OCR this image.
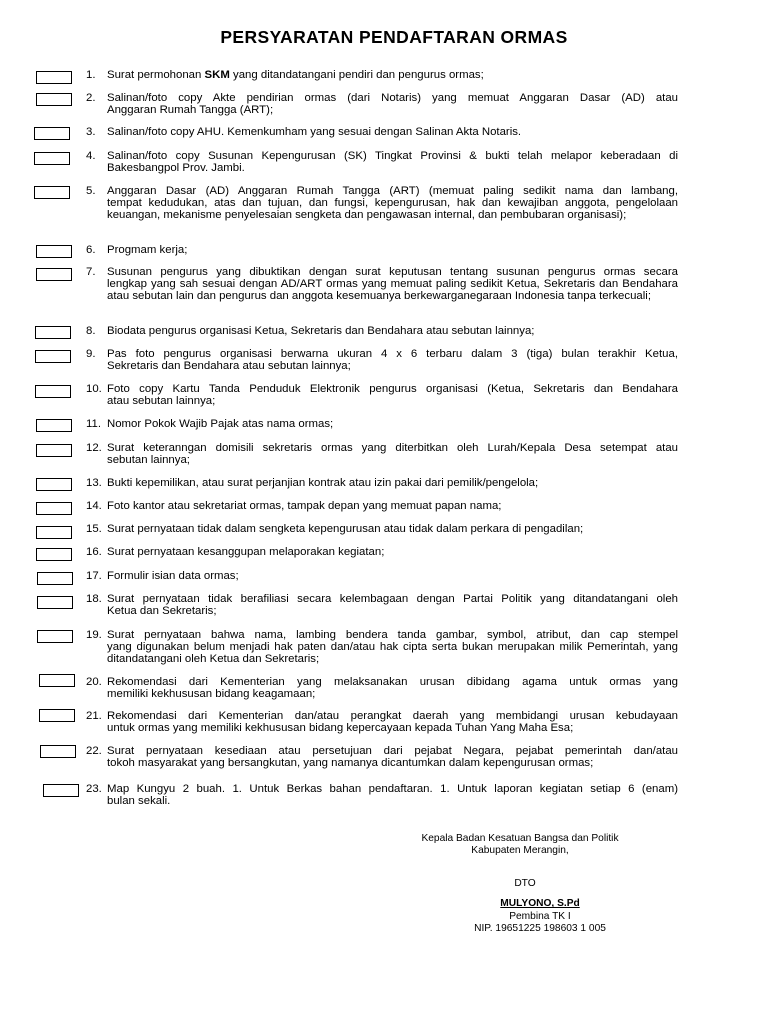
PERSYARATAN PENDAFTARAN ORMAS
1.	Surat permohonan SKM yang ditandatangani pendiri dan pengurus ormas;
2.	Salinan/foto copy Akte pendirian ormas (dari Notaris) yang memuat Anggaran Dasar (AD) atau
Anggaran Rumah Tangga (ART);
3.	Salinan/foto copy AHU. Kemenkumham yang sesuai dengan Salinan Akta Notaris.
4.	Salinan/foto copy Susunan Kepengurusan (SK) Tingkat Provinsi & bukti telah melapor keberadaan di
Bakesbangpol Prov. Jambi.
5.	Anggaran Dasar (AD) Anggaran Rumah Tangga (ART) (memuat paling sedikit nama dan lambang,
tempat kedudukan, atas dan tujuan, dan fungsi, kepengurusan, hak dan kewajiban anggota, pengelolaan keuangan, mekanisme penyelesaian sengketa dan pengawasan internal, dan pembubaran organisasi);
6.	Progmam kerja;
7.	Susunan pengurus yang dibuktikan dengan surat keputusan tentang susunan pengurus ormas secara
lengkap yang sah sesuai dengan AD/ART ormas yang memuat paling sedikit Ketua, Sekretaris dan Bendahara atau sebutan lain dan pengurus dan anggota kesemuanya berkewarganegaraan Indonesia tanpa terkecuali;
8.	Biodata pengurus organisasi Ketua, Sekretaris dan Bendahara atau sebutan lainnya;
9.	Pas foto pengurus organisasi berwarna ukuran 4 x 6 terbaru dalam 3 (tiga) bulan terakhir Ketua,
Sekretaris dan Bendahara atau sebutan lainnya;
10. Foto copy Kartu Tanda Penduduk Elektronik pengurus organisasi (Ketua, Sekretaris dan Bendahara
atau sebutan lainnya;
11. Nomor Pokok Wajib Pajak atas nama ormas;
12. Surat keteranngan domisili sekretaris ormas yang diterbitkan oleh Lurah/Kepala Desa setempat atau
sebutan lainnya;
13. Bukti kepemilikan, atau surat perjanjian kontrak atau izin pakai dari pemilik/pengelola;
14. Foto kantor atau sekretariat ormas, tampak depan yang memuat papan nama;
15. Surat pernyataan tidak dalam sengketa kepengurusan atau tidak dalam perkara di pengadilan;
16. Surat pernyataan kesanggupan melaporakan kegiatan;
17. Formulir isian data ormas;
18. Surat pernyataan tidak berafiliasi secara kelembagaan dengan Partai Politik yang ditandatangani oleh
Ketua dan Sekretaris;
19. Surat pernyataan bahwa nama, lambing bendera tanda gambar, symbol, atribut, dan cap stempel
yang digunakan belum menjadi hak paten dan/atau hak cipta serta bukan merupakan milik Pemerintah, yang ditandatangani oleh Ketua dan Sekretaris;
20. Rekomendasi dari Kementerian yang melaksanakan urusan dibidang agama untuk ormas yang
memiliki kekhususan bidang keagamaan;
21. Rekomendasi dari Kementerian dan/atau perangkat daerah yang membidangi urusan kebudayaan
untuk ormas yang memiliki kekhususan bidang kepercayaan kepada Tuhan Yang Maha Esa;
22. Surat pernyataan kesediaan atau persetujuan dari pejabat Negara, pejabat pemerintah dan/atau
tokoh masyarakat yang bersangkutan, yang namanya dicantumkan dalam kepengurusan ormas;
23. Map Kungyu 2 buah. 1. Untuk Berkas bahan pendaftaran. 1. Untuk laporan kegiatan setiap 6 (enam)
bulan sekali.
Kepala Badan Kesatuan Bangsa dan Politik
Kabupaten Merangin,
DTO
MULYONO, S.Pd
Pembina TK I
NIP. 19651225 198603 1 005
